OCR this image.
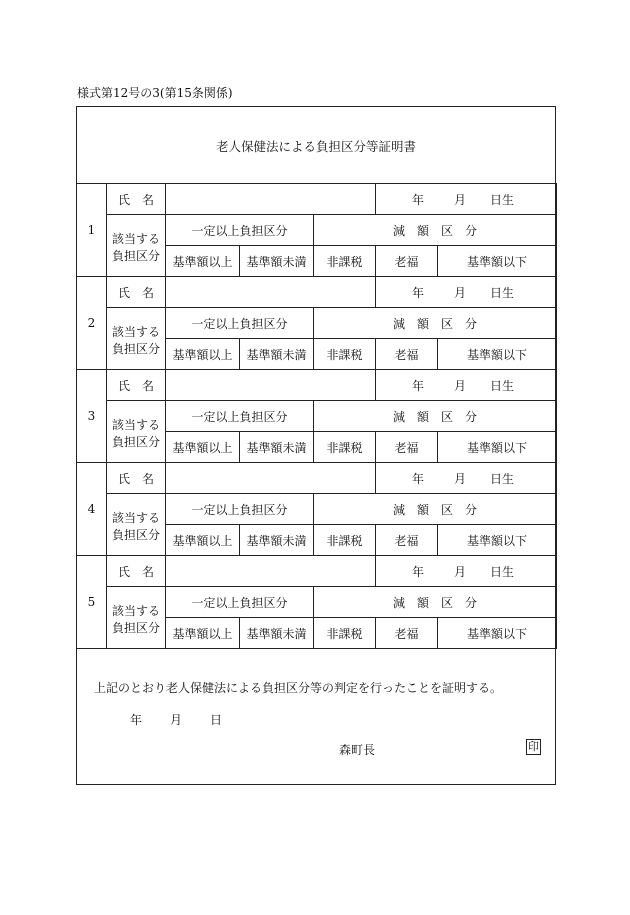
様式第12号の3(第15条関係)
老人保健法による負担区分等証明書
1	氏　名				年 月 日生	

	該当する
負担区分	一定以上負担区分		減　額　区　分		
		基準額以上	基準額未満	非課税	老福	基準額以下
2	氏　名				年 月 日生	

	該当する
負担区分	一定以上負担区分		減　額　区　分		
		基準額以上	基準額未満	非課税	老福	基準額以下
3	氏　名				年 月 日生	

	該当する
負担区分	一定以上負担区分		減　額　区　分		
		基準額以上	基準額未満	非課税	老福	基準額以下
4	氏　名				年 月 日生	

	該当する
負担区分	一定以上負担区分		減　額　区　分		
		基準額以上	基準額未満	非課税	老福	基準額以下
5	氏　名				年 月 日生	

	該当する
負担区分	一定以上負担区分		減　額　区　分		
		基準額以上	基準額未満	非課税	老福	基準額以下
上記のとおり老人保健法による負担区分等の判定を行ったことを証明する。
年 月 日
森町長	印
